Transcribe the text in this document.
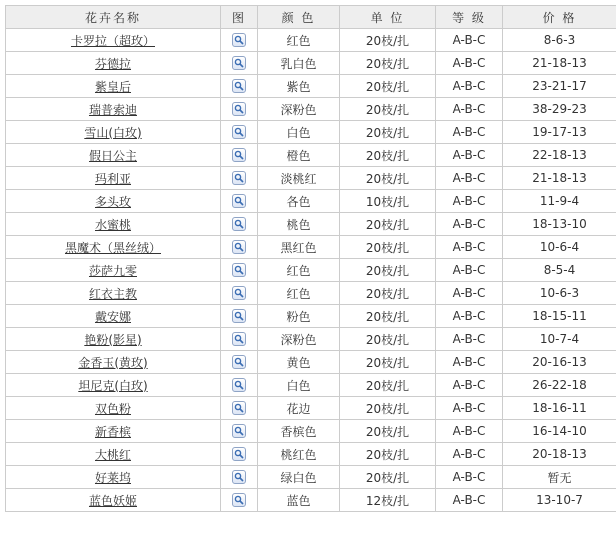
花卉名称	图	颜 色	单 位	等 级	价 格
卡罗拉（超玫）		红色	20枝/扎	A-B-C	8-6-3
芬德拉		乳白色	20枝/扎	A-B-C	21-18-13
紫皇后		紫色	20枝/扎	A-B-C	23-21-17
瑞普索迪		深粉色	20枝/扎	A-B-C	38-29-23
雪山(白玫)		白色	20枝/扎	A-B-C	19-17-13
假日公主		橙色	20枝/扎	A-B-C	22-18-13
玛利亚		淡桃红	20枝/扎	A-B-C	21-18-13
多头玫		各色	10枝/扎	A-B-C	11-9-4
水蜜桃		桃色	20枝/扎	A-B-C	18-13-10
黑魔术（黑丝绒）		黑红色	20枝/扎	A-B-C	10-6-4
莎萨九零		红色	20枝/扎	A-B-C	8-5-4
红衣主教		红色	20枝/扎	A-B-C	10-6-3
戴安娜		粉色	20枝/扎	A-B-C	18-15-11
艳粉(影星)		深粉色	20枝/扎	A-B-C	10-7-4
金香玉(黄玫)		黄色	20枝/扎	A-B-C	20-16-13
坦尼克(白玫)		白色	20枝/扎	A-B-C	26-22-18
双色粉		花边	20枝/扎	A-B-C	18-16-11
新香槟		香槟色	20枝/扎	A-B-C	16-14-10
大桃红		桃红色	20枝/扎	A-B-C	20-18-13
好莱坞		绿白色	20枝/扎	A-B-C	暂无
蓝色妖姬		蓝色	12枝/扎	A-B-C	13-10-7
